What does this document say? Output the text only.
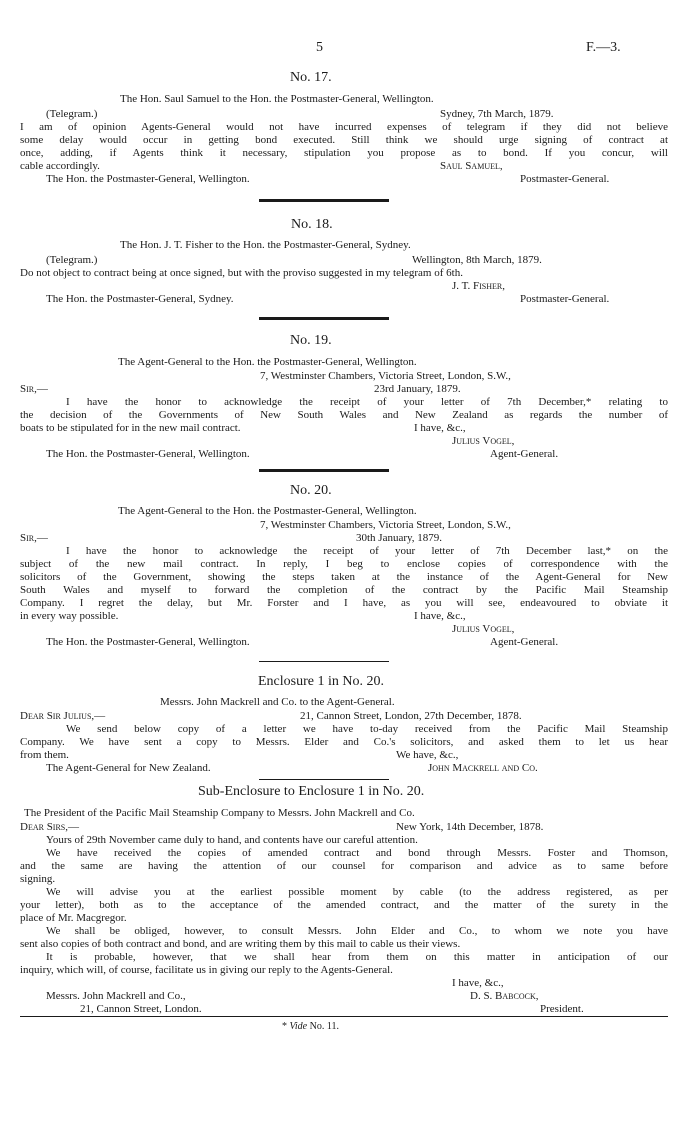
5	F.—3.
No. 17.
The Hon. Saul Samuel to the Hon. the Postmaster-General, Wellington.
(Telegram.)	Sydney, 7th March, 1879.
I am of opinion Agents-General would not have incurred expenses of telegram if they did not believe
some delay would occur in getting bond executed. Still think we should urge signing of contract at
once, adding, if Agents think it necessary, stipulation you propose as to bond. If you concur, will
cable accordingly.	Saul Samuel,
The Hon. the Postmaster-General, Wellington.	Postmaster-General.
No. 18.
The Hon. J. T. Fisher to the Hon. the Postmaster-General, Sydney.
(Telegram.)	Wellington, 8th March, 1879.
Do not object to contract being at once signed, but with the proviso suggested in my telegram of 6th.
J. T. Fisher,
The Hon. the Postmaster-General, Sydney.	Postmaster-General.
No. 19.
The Agent-General to the Hon. the Postmaster-General, Wellington.
7, Westminster Chambers, Victoria Street, London, S.W.,
Sir,—	23rd January, 1879.
I have the honor to acknowledge the receipt of your letter of 7th December,* relating to
the decision of the Governments of New South Wales and New Zealand as regards the number of
boats to be stipulated for in the new mail contract.	I have, &c.,
Julius Vogel,
The Hon. the Postmaster-General, Wellington.	Agent-General.
No. 20.
The Agent-General to the Hon. the Postmaster-General, Wellington.
7, Westminster Chambers, Victoria Street, London, S.W.,
Sir,—	30th January, 1879.
I have the honor to acknowledge the receipt of your letter of 7th December last,* on the
subject of the new mail contract. In reply, I beg to enclose copies of correspondence with the
solicitors of the Government, showing the steps taken at the instance of the Agent-General for New
South Wales and myself to forward the completion of the contract by the Pacific Mail Steamship
Company. I regret the delay, but Mr. Forster and I have, as you will see, endeavoured to obviate it
in every way possible.	I have, &c.,
Julius Vogel,
The Hon. the Postmaster-General, Wellington.	Agent-General.
Enclosure 1 in No. 20.
Messrs. John Mackrell and Co. to the Agent-General.
Dear Sir Julius,—	21, Cannon Street, London, 27th December, 1878.
We send below copy of a letter we have to-day received from the Pacific Mail Steamship
Company. We have sent a copy to Messrs. Elder and Co.'s solicitors, and asked them to let us hear
from them.	We have, &c.,
The Agent-General for New Zealand.	John Mackrell and Co.
Sub-Enclosure to Enclosure 1 in No. 20.
The President of the Pacific Mail Steamship Company to Messrs. John Mackrell and Co.
Dear Sirs,—	New York, 14th December, 1878.
Yours of 29th November came duly to hand, and contents have our careful attention.
We have received the copies of amended contract and bond through Messrs. Foster and Thomson,
and the same are having the attention of our counsel for comparison and advice as to same before
signing.
We will advise you at the earliest possible moment by cable (to the address registered, as per
your letter), both as to the acceptance of the amended contract, and the matter of the surety in the
place of Mr. Macgregor.
We shall be obliged, however, to consult Messrs. John Elder and Co., to whom we note you have
sent also copies of both contract and bond, and are writing them by this mail to cable us their views.
It is probable, however, that we shall hear from them on this matter in anticipation of our
inquiry, which will, of course, facilitate us in giving our reply to the Agents-General.
I have, &c.,
Messrs. John Mackrell and Co.,	D. S. Babcock,
21, Cannon Street, London.	President.
* Vide No. 11.
